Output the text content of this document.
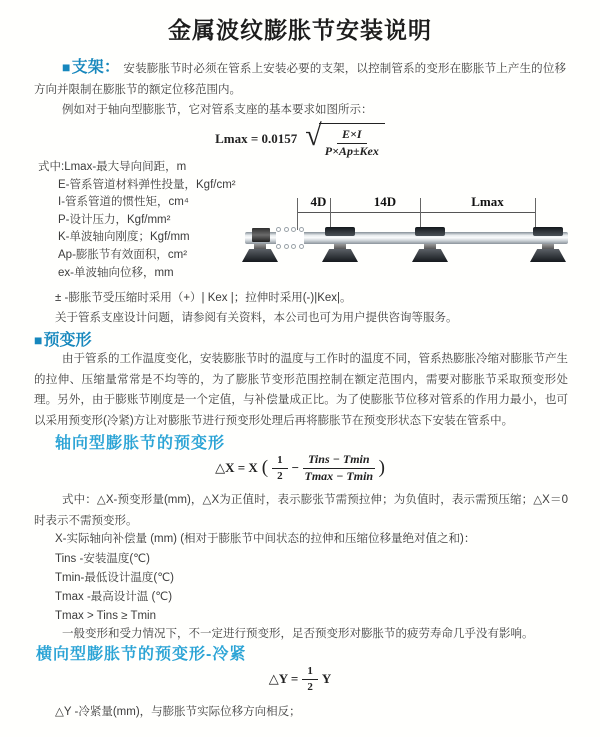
金属波纹膨胀节安装说明

■支架： 安装膨胀节时必须在管系上安装必要的支架，以控制管系的变形在膨胀节上产生的位移方向并限制在膨胀节的额定位移范围内。

例如对于轴向型膨胀节，它对管系支座的基本要求如图所示：

Lmax = 0.0157 √ $\frac{E\times I}{\text{P×Ap±Kex}}$
式中:Lmax-最大导向间距，m
E-管系管道材料弹性投量，Kgf/cm²
I-管系管道的惯性矩，cm⁴
P-设计压力，Kgf/mm²
K-单波轴向刚度；Kgf/mm
Ap-膨胀节有效面积，cm²
ex-单波轴向位移，mm
4D	14D	Lmax

± -膨胀节受压缩时采用（+）| Kex |；拉伸时采用(-)|Kex|。

关于管系支座设计问题，请参阅有关资料，本公司也可为用户提供咨询等服务。

■预变形

由于管系的工作温度变化，安装膨胀节时的温度与工作时的温度不同，管系热膨胀冷缩对膨胀节产生的拉伸、压缩量常常是不均等的，为了膨胀节变形范围控制在额定范围内，需要对膨胀节采取预变形处理。另外，由于膨账节刚度是一个定值，与补偿量成正比。为了使膨胀节位移对管系的作用力最小，也可以采用预变形(冷紧)方让对膨胀节进行预变形处理后再将膨胀节在预变形状态下安装在管系中。

轴向型膨胀节的预变形
△X = X ( $\frac{1}{2} - \frac{\text{Tins − Tmin}}{Tmax - Tmin}$ )

式中：△X-预变形量(mm)，△X为正值时，表示膨张节需预拉伸；为负值时，表示需预压缩；△X＝0时表示不需预变形。

X-实际轴向补偿量 (mm) (相对于膨胀节中间状态的拉伸和压缩位移量绝对值之和)：

Tins -安装温度(℃)

Tmin-最低设计温度(℃)

Tmax -最高设计温 (℃)

Tmax > Tins ≥ Tmin

一般变形和受力情况下，不一定进行预变形，足否预变形对膨胀节的疲劳寿命几乎没有影响。

横向型膨胀节的预变形-冷紧
△Y = $\frac{1}{2}$ Y

△Y -冷紧量(mm)，与膨胀节实际位移方向相反；
